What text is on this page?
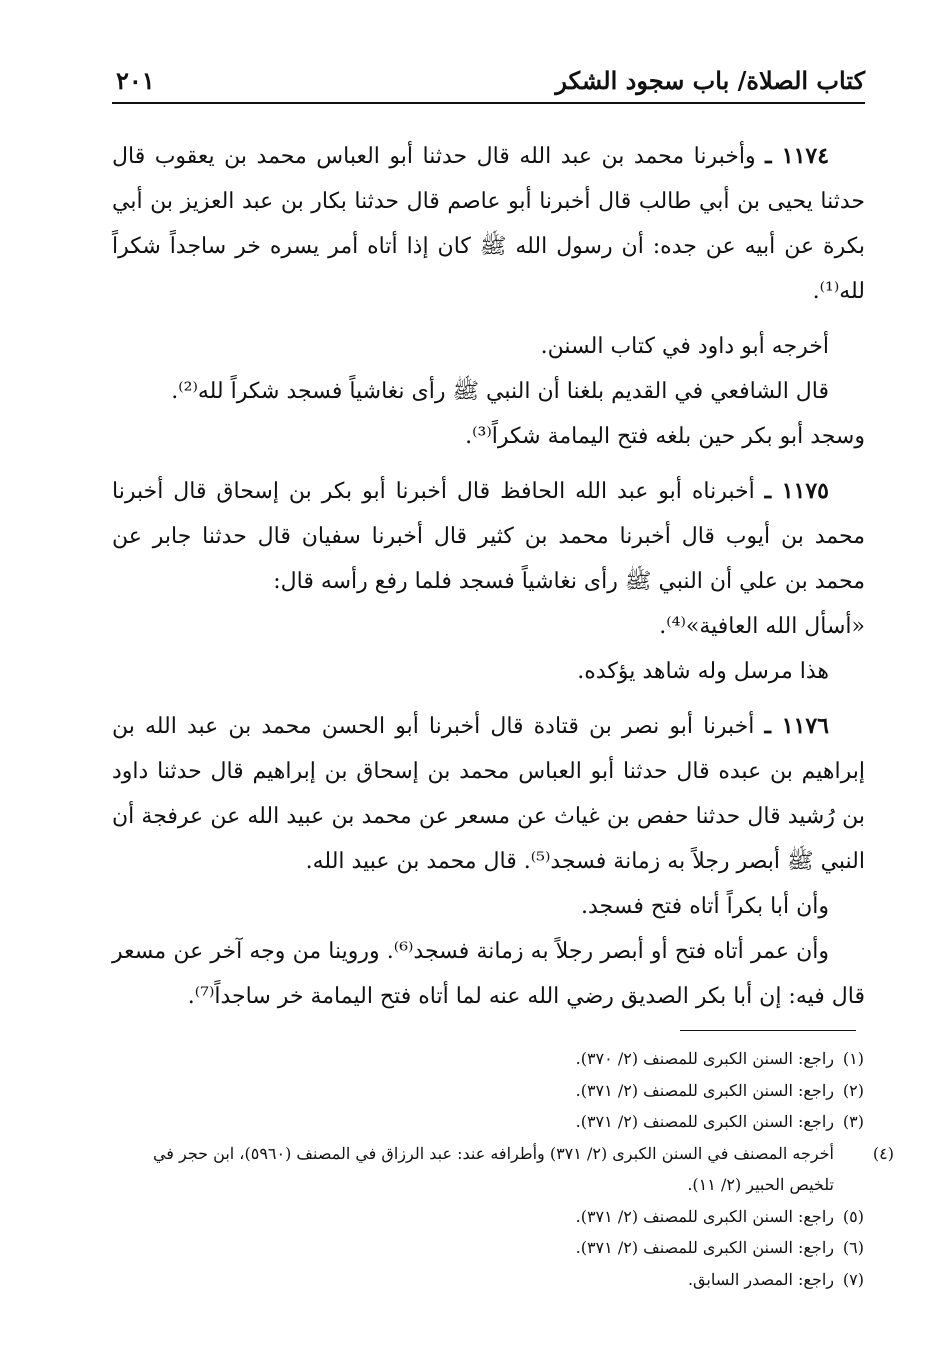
كتاب الصلاة/ باب سجود الشكر
٢٠١

١١٧٤ ـ وأخبرنا محمد بن عبد الله قال حدثنا أبو العباس محمد بن يعقوب قال حدثنا يحيى بن أبي طالب قال أخبرنا أبو عاصم قال حدثنا بكار بن عبد العزيز بن أبي بكرة عن أبيه عن جده: أن رسول الله ﷺ كان إذا أتاه أمر يسره خر ساجداً شكراً لله⁽¹⁾.

أخرجه أبو داود في كتاب السنن.

قال الشافعي في القديم بلغنا أن النبي ﷺ رأى نغاشياً فسجد شكراً لله⁽²⁾.

وسجد أبو بكر حين بلغه فتح اليمامة شكراً⁽³⁾.

١١٧٥ ـ أخبرناه أبو عبد الله الحافظ قال أخبرنا أبو بكر بن إسحاق قال أخبرنا محمد بن أيوب قال أخبرنا محمد بن كثير قال أخبرنا سفيان قال حدثنا جابر عن محمد بن علي أن النبي ﷺ رأى نغاشياً فسجد فلما رفع رأسه قال:

«أسأل الله العافية»⁽⁴⁾.

هذا مرسل وله شاهد يؤكده.

١١٧٦ ـ أخبرنا أبو نصر بن قتادة قال أخبرنا أبو الحسن محمد بن عبد الله بن إبراهيم بن عبده قال حدثنا أبو العباس محمد بن إسحاق بن إبراهيم قال حدثنا داود بن رُشيد قال حدثنا حفص بن غياث عن مسعر عن محمد بن عبيد الله عن عرفجة أن النبي ﷺ أبصر رجلاً به زمانة فسجد⁽⁵⁾. قال محمد بن عبيد الله.

وأن أبا بكراً أتاه فتح فسجد.

وأن عمر أتاه فتح أو أبصر رجلاً به زمانة فسجد⁽⁶⁾. وروينا من وجه آخر عن مسعر قال فيه: إن أبا بكر الصديق رضي الله عنه لما أتاه فتح اليمامة خر ساجداً⁽⁷⁾.

(١)راجع: السنن الكبرى للمصنف (٢/ ٣٧٠).

(٢)راجع: السنن الكبرى للمصنف (٢/ ٣٧١).

(٣)راجع: السنن الكبرى للمصنف (٢/ ٣٧١).

(٤)أخرجه المصنف في السنن الكبرى (٢/ ٣٧١) وأطرافه عند: عبد الرزاق في المصنف (٥٩٦٠)، ابن حجر في تلخيص الحبير (٢/ ١١).

(٥)راجع: السنن الكبرى للمصنف (٢/ ٣٧١).

(٦)راجع: السنن الكبرى للمصنف (٢/ ٣٧١).

(٧)راجع: المصدر السابق.
